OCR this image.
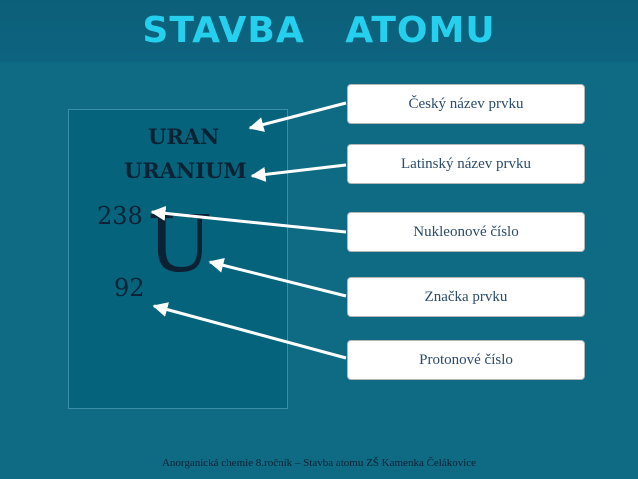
STAVBA   ATOMU
URAN
URANIUM
238
92 U
Český název prvku
Latinský název prvku
Nukleonové číslo
Značka prvku
Protonové číslo
Anorganická chemie 8.ročník – Stavba atomu ZŠ Kamenka Čelákovice
